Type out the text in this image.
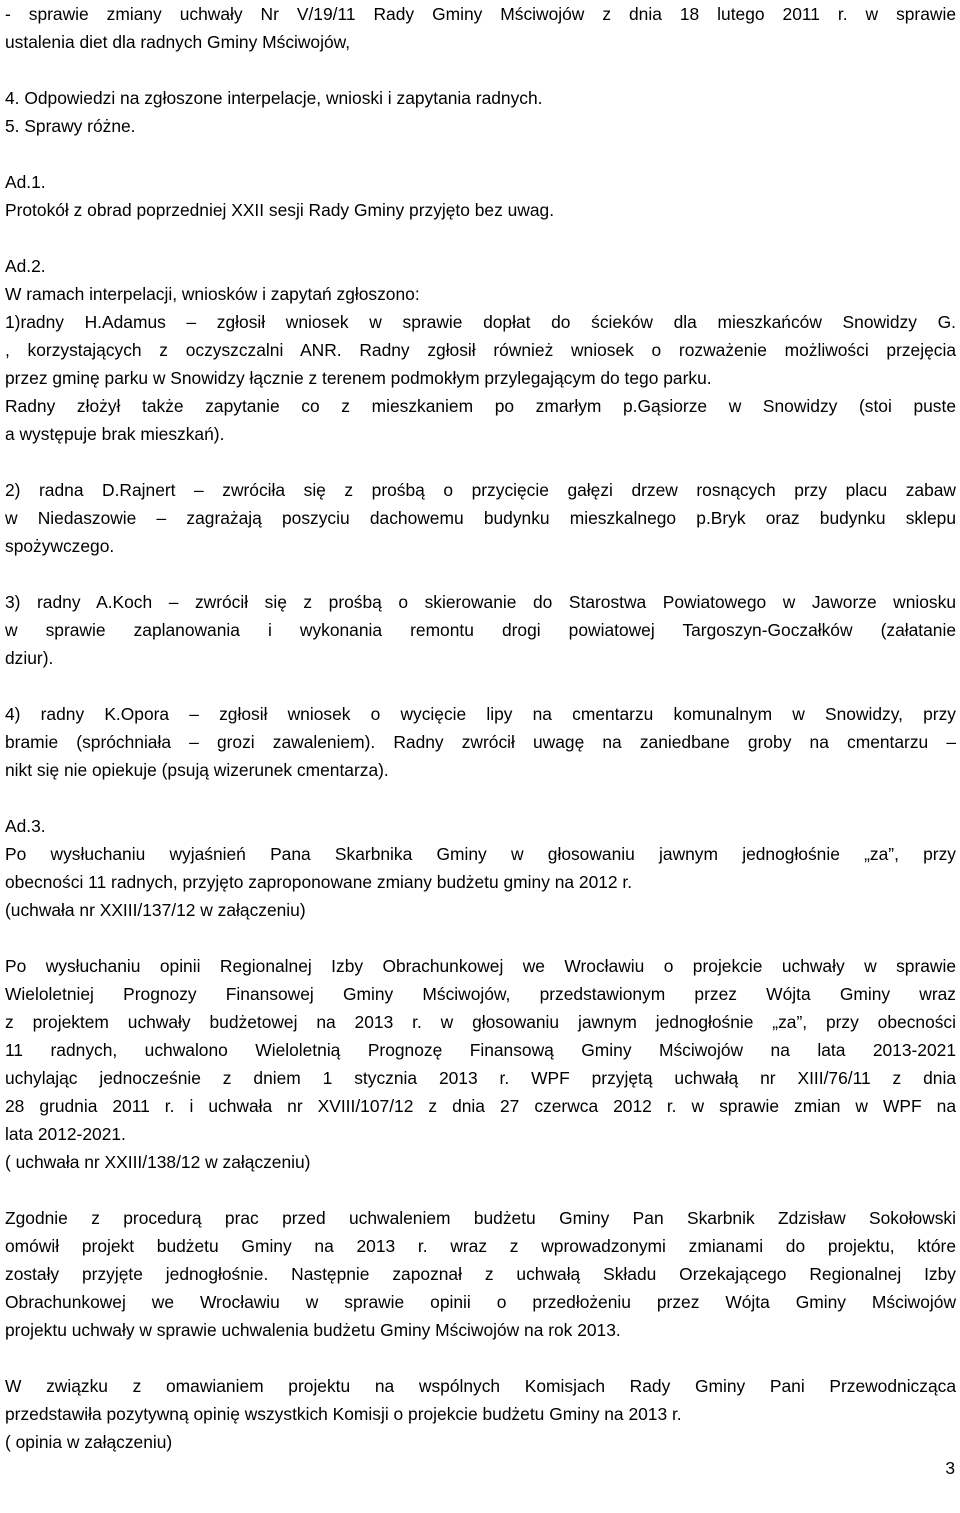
- sprawie zmiany uchwały Nr V/19/11 Rady Gminy Mściwojów z dnia 18 lutego 2011 r. w sprawie
ustalenia diet dla radnych Gminy Mściwojów,
4. Odpowiedzi na zgłoszone interpelacje, wnioski i zapytania radnych.
5. Sprawy różne.
Ad.1.
Protokół z obrad poprzedniej XXII sesji Rady Gminy przyjęto bez uwag.
Ad.2.
W ramach interpelacji, wniosków i zapytań zgłoszono:
1)radny H.Adamus – zgłosił wniosek w sprawie dopłat do ścieków dla mieszkańców Snowidzy G.
, korzystających z oczyszczalni ANR. Radny zgłosił również wniosek o rozważenie możliwości przejęcia
przez gminę parku w Snowidzy łącznie z terenem podmokłym przylegającym do tego parku.
Radny złożył także zapytanie co z mieszkaniem po zmarłym p.Gąsiorze w Snowidzy (stoi puste
a występuje brak mieszkań).
2) radna D.Rajnert – zwróciła się z prośbą o przycięcie gałęzi drzew rosnących przy placu zabaw
w Niedaszowie – zagrażają poszyciu dachowemu budynku mieszkalnego p.Bryk oraz budynku sklepu
spożywczego.
3) radny A.Koch – zwrócił się z prośbą o skierowanie do Starostwa Powiatowego w Jaworze wniosku
w sprawie zaplanowania i wykonania remontu drogi powiatowej Targoszyn-Goczałków (załatanie
dziur).
4) radny K.Opora – zgłosił wniosek o wycięcie lipy na cmentarzu komunalnym w Snowidzy, przy
bramie (spróchniała – grozi zawaleniem). Radny zwrócił uwagę na zaniedbane groby na cmentarzu –
nikt się nie opiekuje (psują wizerunek cmentarza).
Ad.3.
Po wysłuchaniu wyjaśnień Pana Skarbnika Gminy w głosowaniu jawnym jednogłośnie „za”, przy
obecności 11 radnych, przyjęto zaproponowane zmiany budżetu gminy na 2012 r.
(uchwała nr XXIII/137/12 w załączeniu)
Po wysłuchaniu opinii Regionalnej Izby Obrachunkowej we Wrocławiu o projekcie uchwały w sprawie
Wieloletniej Prognozy Finansowej Gminy Mściwojów, przedstawionym przez Wójta Gminy wraz
z projektem uchwały budżetowej na 2013 r. w głosowaniu jawnym jednogłośnie „za”, przy obecności
11 radnych, uchwalono Wieloletnią Prognozę Finansową Gminy Mściwojów na lata 2013-2021
uchylając jednocześnie z dniem 1 stycznia 2013 r. WPF przyjętą uchwałą nr XIII/76/11 z dnia
28 grudnia 2011 r. i uchwała nr XVIII/107/12 z dnia 27 czerwca 2012 r. w sprawie zmian w WPF na
lata 2012-2021.
( uchwała nr XXIII/138/12 w załączeniu)
Zgodnie z procedurą prac przed uchwaleniem budżetu Gminy Pan Skarbnik Zdzisław Sokołowski
omówił projekt budżetu Gminy na 2013 r. wraz z wprowadzonymi zmianami do projektu, które
zostały przyjęte jednogłośnie. Następnie zapoznał z uchwałą Składu Orzekającego Regionalnej Izby
Obrachunkowej we Wrocławiu w sprawie opinii o przedłożeniu przez Wójta Gminy Mściwojów
projektu uchwały w sprawie uchwalenia budżetu Gminy Mściwojów na rok 2013.
W związku z omawianiem projektu na wspólnych Komisjach Rady Gminy Pani Przewodnicząca
przedstawiła pozytywną opinię wszystkich Komisji o projekcie budżetu Gminy na 2013 r.
( opinia w załączeniu)
3
